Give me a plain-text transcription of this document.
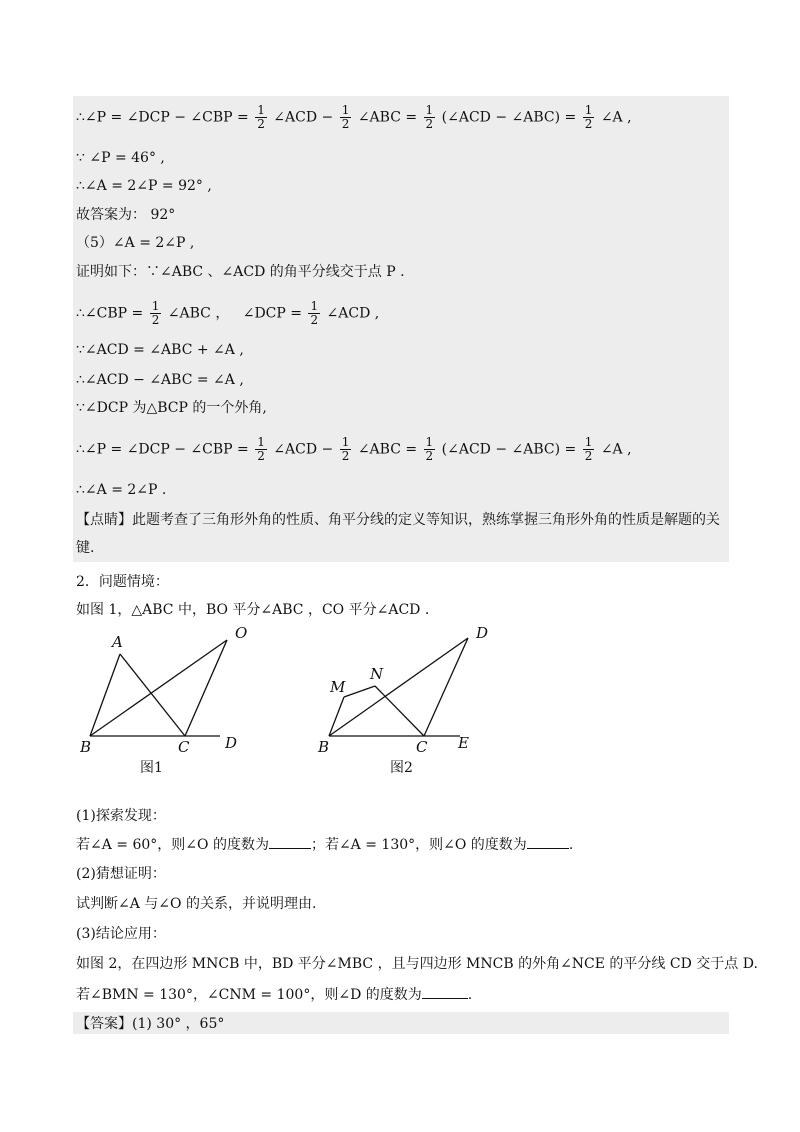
∴∠P = ∠DCP − ∠CBP = $\frac{1}{2}$ ∠ACD − $\frac{1}{2}$ ∠ABC = $\frac{1}{2}$ (∠ACD − ∠ABC) = $\frac{1}{2}$ ∠A ,
∵ ∠P = 46° ,
∴∠A = 2∠P = 92° ,
故答案为： 92°
（5）∠A = 2∠P ,
证明如下：∵∠ABC 、∠ACD 的角平分线交于点 P .
∴∠CBP = $\frac{1}{2}$ ∠ABC ， ∠DCP = $\frac{1}{2}$ ∠ACD ,
∵∠ACD = ∠ABC + ∠A ,
∴∠ACD − ∠ABC = ∠A ,
∵∠DCP 为△BCP 的一个外角,
∴∠P = ∠DCP − ∠CBP = $\frac{1}{2}$ ∠ACD − $\frac{1}{2}$ ∠ABC = $\frac{1}{2}$ (∠ACD − ∠ABC) = $\frac{1}{2}$ ∠A ,
∴∠A = 2∠P .
【点睛】此题考查了三角形外角的性质、角平分线的定义等知识，熟练掌握三角形外角的性质是解题的关
键.
2．问题情境：
如图 1，△ABC 中，BO 平分∠ABC ，CO 平分∠ACD .
A	O
B	C D
图1
D
M
N
B	C E
图2
(1)探索发现：
若∠A = 60°，则∠O 的度数为	；若∠A = 130°，则∠O 的度数为	.
(2)猜想证明：
试判断∠A 与∠O 的关系，并说明理由.
(3)结论应用：
如图 2，在四边形 MNCB 中，BD 平分∠MBC ，且与四边形 MNCB 的外角∠NCE 的平分线 CD 交于点 D.
若∠BMN = 130°，∠CNM = 100°，则∠D 的度数为	.
【答案】(1) 30° ，65°
